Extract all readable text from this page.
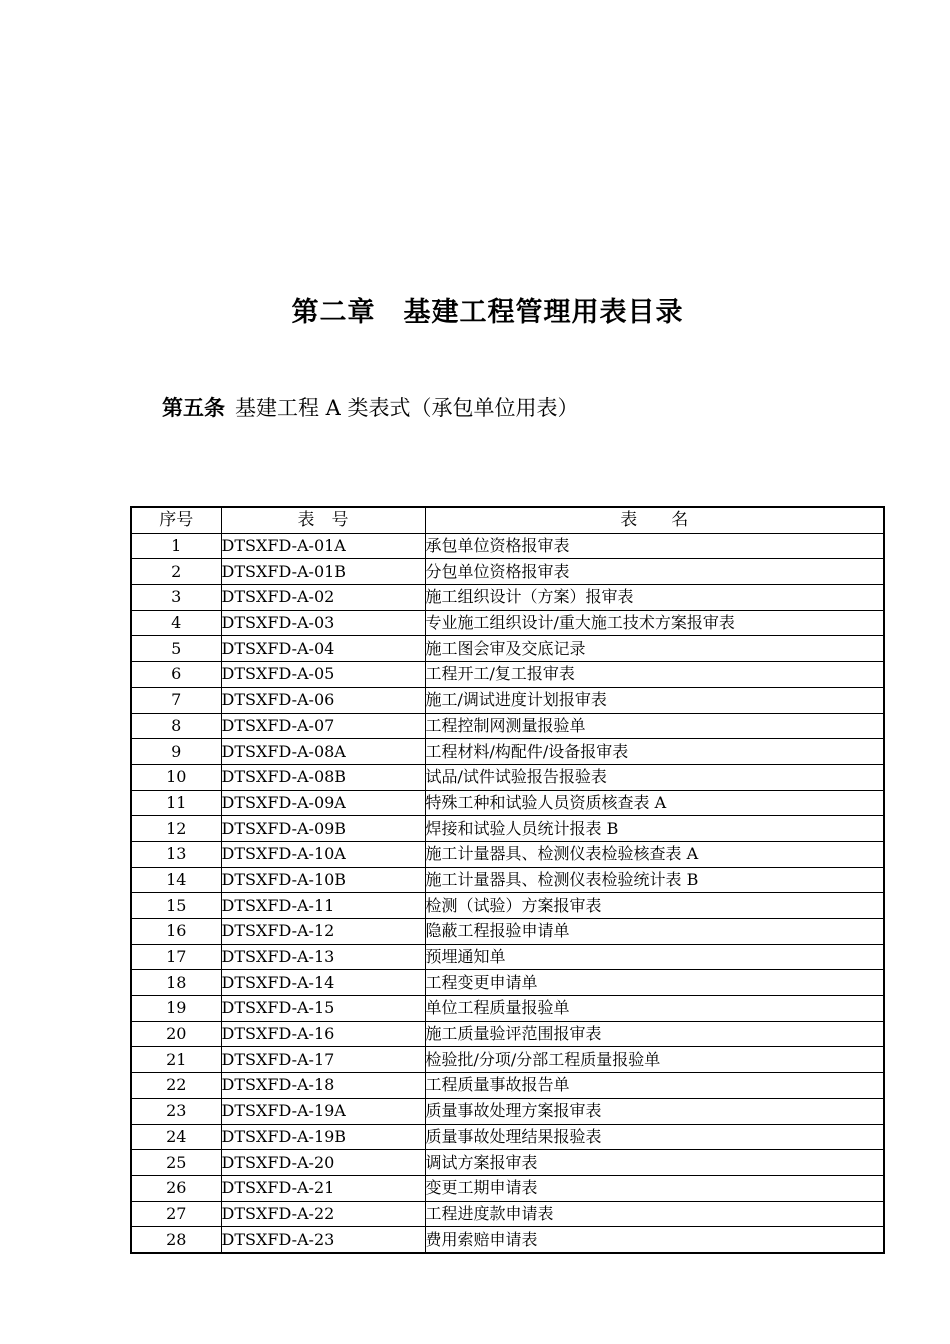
第二章　基建工程管理用表目录
第五条 基建工程 A 类表式（承包单位用表）
序号	表　号	表　　名
1	DTSXFD-A-01A	承包单位资格报审表
2	DTSXFD-A-01B	分包单位资格报审表
3	DTSXFD-A-02	施工组织设计（方案）报审表
4	DTSXFD-A-03	专业施工组织设计/重大施工技术方案报审表
5	DTSXFD-A-04	施工图会审及交底记录
6	DTSXFD-A-05	工程开工/复工报审表
7	DTSXFD-A-06	施工/调试进度计划报审表
8	DTSXFD-A-07	工程控制网测量报验单
9	DTSXFD-A-08A	工程材料/构配件/设备报审表
10	DTSXFD-A-08B	试品/试件试验报告报验表
11	DTSXFD-A-09A	特殊工种和试验人员资质核查表 A
12	DTSXFD-A-09B	焊接和试验人员统计报表 B
13	DTSXFD-A-10A	施工计量器具、检测仪表检验核查表 A
14	DTSXFD-A-10B	施工计量器具、检测仪表检验统计表 B
15	DTSXFD-A-11	检测（试验）方案报审表
16	DTSXFD-A-12	隐蔽工程报验申请单
17	DTSXFD-A-13	预埋通知单
18	DTSXFD-A-14	工程变更申请单
19	DTSXFD-A-15	单位工程质量报验单
20	DTSXFD-A-16	施工质量验评范围报审表
21	DTSXFD-A-17	检验批/分项/分部工程质量报验单
22	DTSXFD-A-18	工程质量事故报告单
23	DTSXFD-A-19A	质量事故处理方案报审表
24	DTSXFD-A-19B	质量事故处理结果报验表
25	DTSXFD-A-20	调试方案报审表
26	DTSXFD-A-21	变更工期申请表
27	DTSXFD-A-22	工程进度款申请表
28	DTSXFD-A-23	费用索赔申请表
